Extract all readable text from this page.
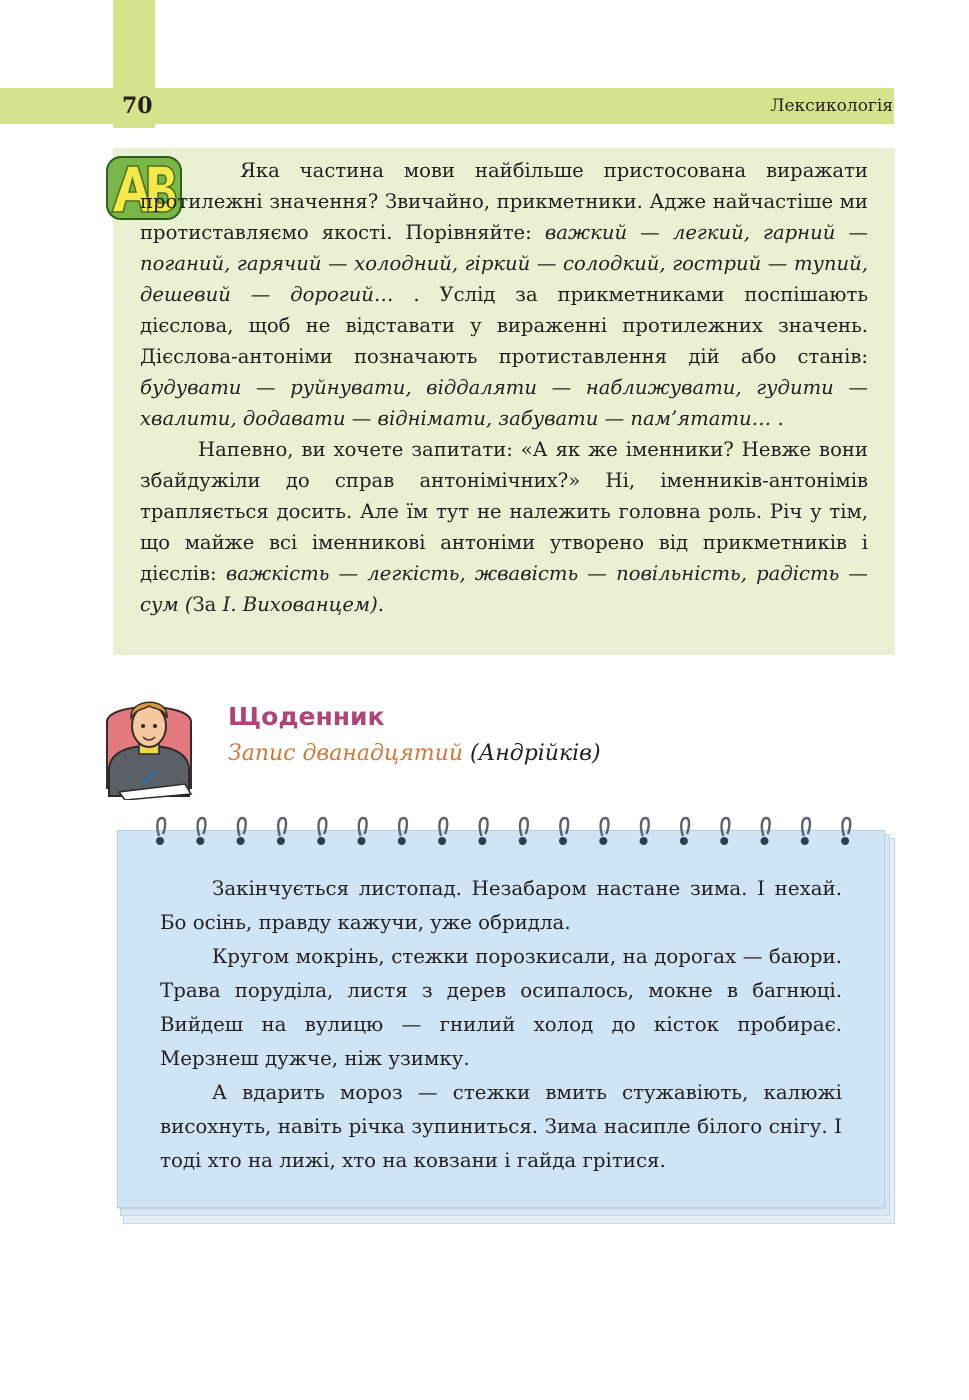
70	Лексикологія

Яка частина мови найбільше пристосована виражати протилежні значення? Звичайно, прикметники. Адже найчастіше ми протиставляємо якості. Порівняйте: важкий — легкий, гарний — поганий, гарячий — холодний, гіркий — солодкий, гострий — тупий, дешевий — дорогий… . Услід за прикметниками поспішають дієслова, щоб не відставати у вираженні протилежних значень. Дієслова-антоніми позначають протиставлення дій або станів: будувати — руйнувати, віддаляти — наближувати, гудити — хвалити, додавати — віднімати, забувати — пам’ятати… .

Напевно, ви хочете запитати: «А як же іменники? Невже вони збайдужіли до справ антонімічних?» Ні, іменників-антонімів трапляється досить. Але їм тут не належить головна роль. Річ у тім, що майже всі іменникові антоніми утворено від прикметників і дієслів: важкість — легкість, жвавість — повільність, радість — сум (За І. Вихованцем).

Щоденник
Запис дванадцятий (Андрійків)

Закінчується листопад. Незабаром настане зима. І нехай. Бо осінь, правду кажучи, уже обридла.

Кругом мокрінь, стежки порозкисали, на дорогах — баюри. Трава поруділа, листя з дерев осипалось, мокне в багнюці. Вийдеш на вулицю — гнилий холод до кісток пробирає. Мерзнеш дужче, ніж узимку.

А вдарить мороз — стежки вмить стужавіють, калюжі висохнуть, навіть річка зупиниться. Зима насипле білого снігу. І тоді хто на лижі, хто на ковзани і гайда грітися.
